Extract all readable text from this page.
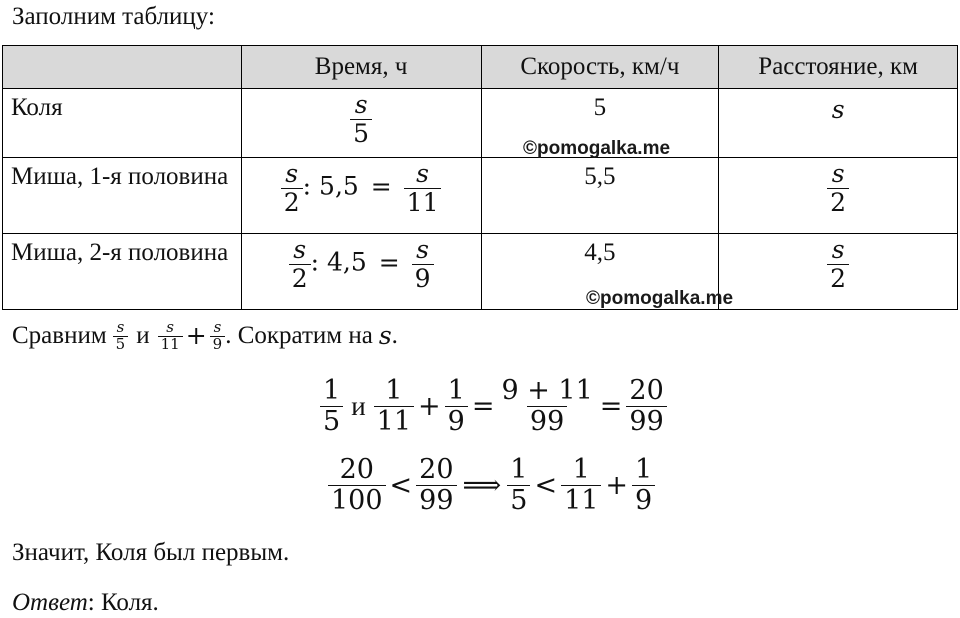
Заполним таблицу:
	Время, ч	Скорость, км/ч	Расстояние, км
Коля	$\frac{s}{5}$	5	s
Миша, 1-я половина	$\frac{s}{2}$ : $5,5 = \frac{s}{11}$	5,5	$\frac{s}{2}$

Миша, 2-я половина	$\frac{s}{2}$ : $4,5 = \frac{s}{9}$	4,5	$\frac{s}{2}$
©pomogalka.me
©pomogalka.me
Сравним $\frac{s}{5}$ и $\frac{s}{11} + \frac{s}{9}$ . Сократим на s .
$\frac{1}{5}$ и $\frac{1}{11} + \frac{1}{9} = \frac{9 + 11}{99} = \frac{20}{99}$
$\frac{20}{100} < \frac{20}{99}$ ⟹ $\frac{1}{5} < \frac{1}{11} + \frac{1}{9}$
Значит, Коля был первым.
Ответ: Коля.
